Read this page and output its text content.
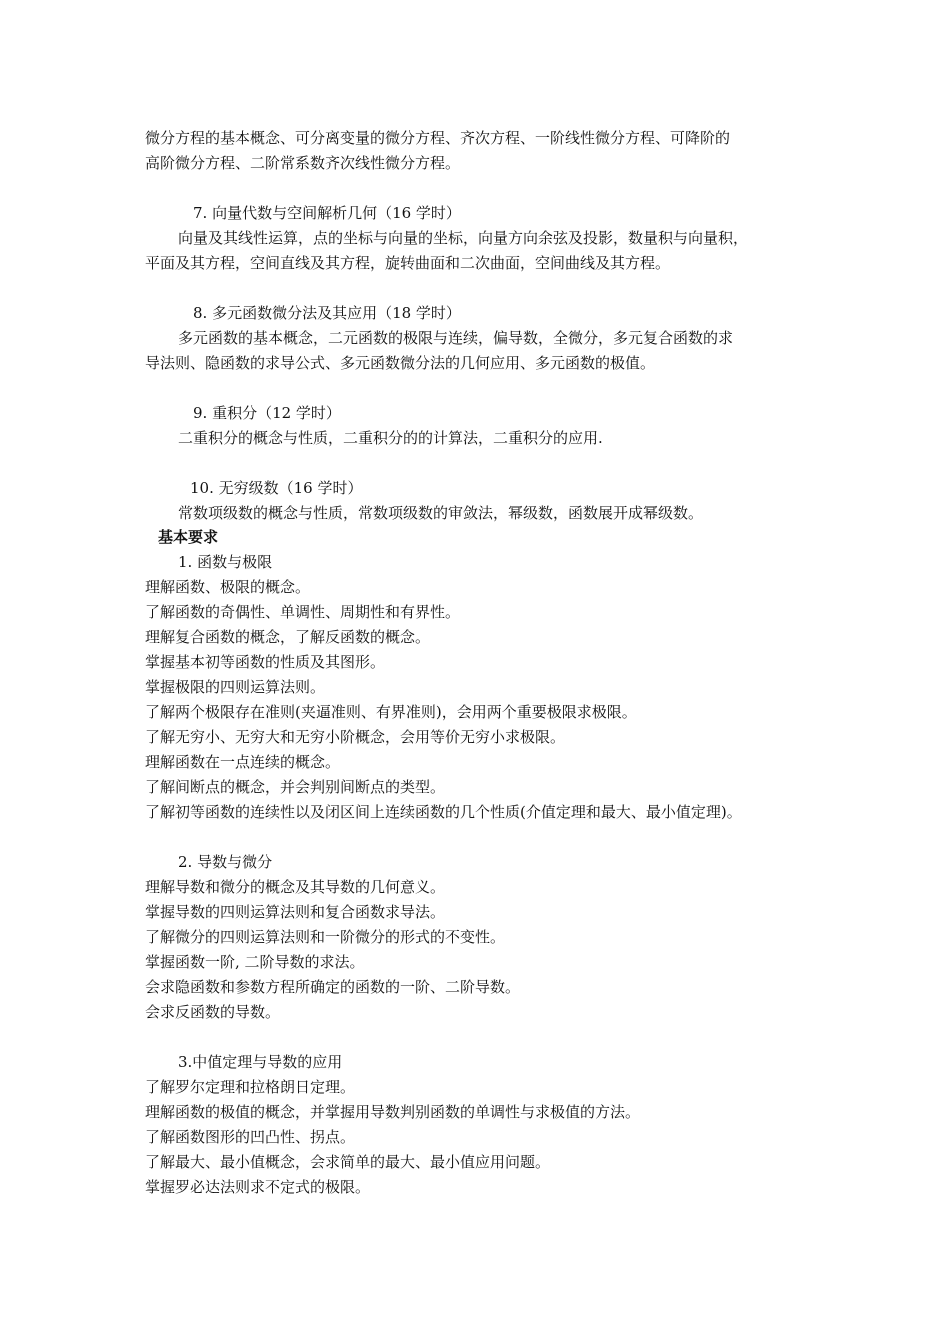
微分方程的基本概念、可分离变量的微分方程、齐次方程、一阶线性微分方程、可降阶的
高阶微分方程、二阶常系数齐次线性微分方程。
7. 向量代数与空间解析几何（16 学时）
向量及其线性运算，点的坐标与向量的坐标，向量方向余弦及投影，数量积与向量积，
平面及其方程，空间直线及其方程，旋转曲面和二次曲面，空间曲线及其方程。
8. 多元函数微分法及其应用（18 学时）
多元函数的基本概念，二元函数的极限与连续，偏导数，全微分，多元复合函数的求
导法则、隐函数的求导公式、多元函数微分法的几何应用、多元函数的极值。
9. 重积分（12 学时）
二重积分的概念与性质，二重积分的的计算法，二重积分的应用.
10. 无穷级数（16 学时）
常数项级数的概念与性质，常数项级数的审敛法，幂级数，函数展开成幂级数。
基本要求
1. 函数与极限
理解函数、极限的概念。
了解函数的奇偶性、单调性、周期性和有界性。
理解复合函数的概念，了解反函数的概念。
掌握基本初等函数的性质及其图形。
掌握极限的四则运算法则。
了解两个极限存在准则(夹逼准则、有界准则)，会用两个重要极限求极限。
了解无穷小、无穷大和无穷小阶概念，会用等价无穷小求极限。
理解函数在一点连续的概念。
了解间断点的概念，并会判别间断点的类型。
了解初等函数的连续性以及闭区间上连续函数的几个性质(介值定理和最大、最小值定理)。
2. 导数与微分
理解导数和微分的概念及其导数的几何意义。
掌握导数的四则运算法则和复合函数求导法。
了解微分的四则运算法则和一阶微分的形式的不变性。
掌握函数一阶, 二阶导数的求法。
会求隐函数和参数方程所确定的函数的一阶、二阶导数。
会求反函数的导数。
3.中值定理与导数的应用
了解罗尔定理和拉格朗日定理。
理解函数的极值的概念，并掌握用导数判别函数的单调性与求极值的方法。
了解函数图形的凹凸性、拐点。
了解最大、最小值概念，会求简单的最大、最小值应用问题。
掌握罗必达法则求不定式的极限。
